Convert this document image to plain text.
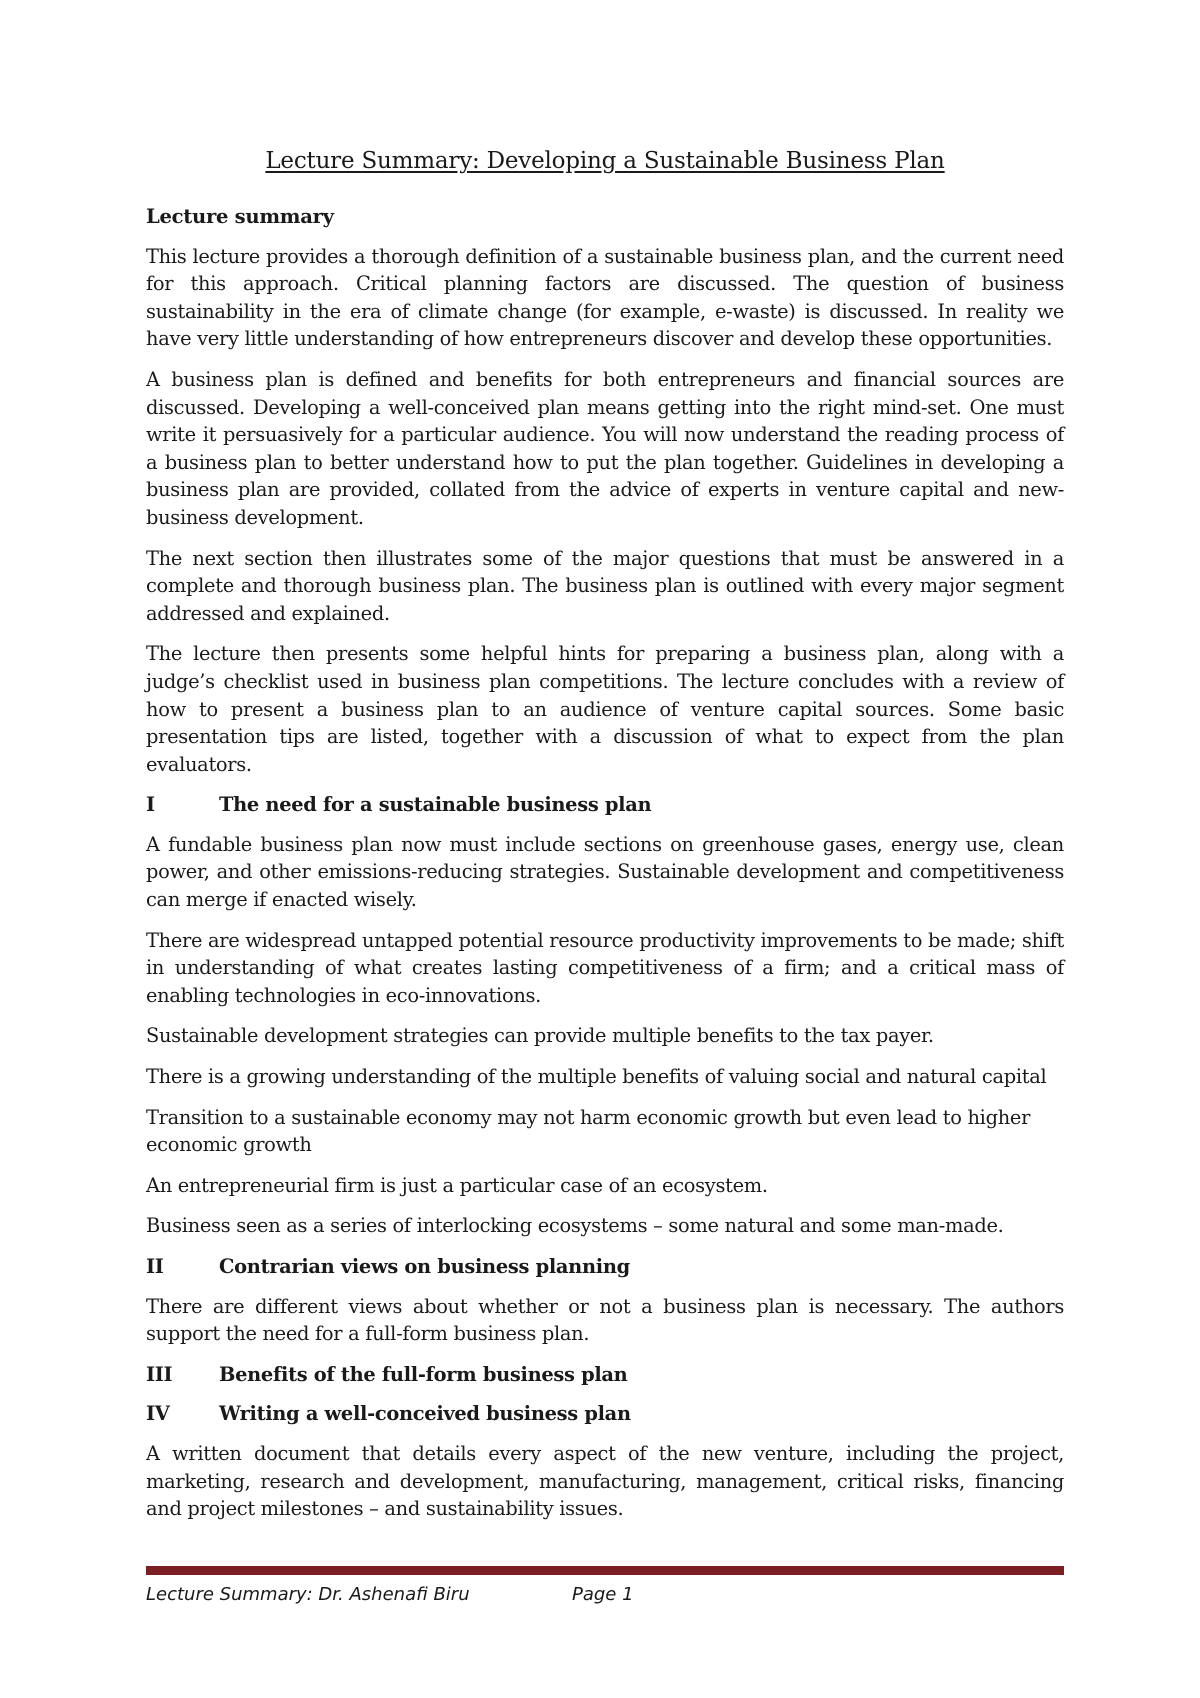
Lecture Summary: Developing a Sustainable Business Plan
Lecture summary

This lecture provides a thorough definition of a sustainable business plan, and the current need for this approach. Critical planning factors are discussed. The question of business sustainability in the era of climate change (for example, e-waste) is discussed. In reality we have very little understanding of how entrepreneurs discover and develop these opportunities.

A business plan is defined and benefits for both entrepreneurs and financial sources are discussed. Developing a well-conceived plan means getting into the right mind-set. One must write it persuasively for a particular audience. You will now understand the reading process of a business plan to better understand how to put the plan together. Guidelines in developing a business plan are provided, collated from the advice of experts in venture capital and new-business development.

The next section then illustrates some of the major questions that must be answered in a complete and thorough business plan. The business plan is outlined with every major segment addressed and explained.

The lecture then presents some helpful hints for preparing a business plan, along with a judge’s checklist used in business plan competitions. The lecture concludes with a review of how to present a business plan to an audience of venture capital sources. Some basic presentation tips are listed, together with a discussion of what to expect from the plan evaluators.

I	The need for a sustainable business plan

A fundable business plan now must include sections on greenhouse gases, energy use, clean power, and other emissions-reducing strategies. Sustainable development and competitiveness can merge if enacted wisely.

There are widespread untapped potential resource productivity improvements to be made; shift in understanding of what creates lasting competitiveness of a firm; and a critical mass of enabling technologies in eco-innovations.

Sustainable development strategies can provide multiple benefits to the tax payer.

There is a growing understanding of the multiple benefits of valuing social and natural capital

Transition to a sustainable economy may not harm economic growth but even lead to higher economic growth

An entrepreneurial firm is just a particular case of an ecosystem.

Business seen as a series of interlocking ecosystems – some natural and some man-made.

II	Contrarian views on business planning

There are different views about whether or not a business plan is necessary. The authors support the need for a full-form business plan.

III	Benefits of the full-form business plan
IV	Writing a well-conceived business plan

A written document that details every aspect of the new venture, including the project, marketing, research and development, manufacturing, management, critical risks, financing and project milestones – and sustainability issues.

Lecture Summary: Dr. Ashenafi Biru	Page 1
